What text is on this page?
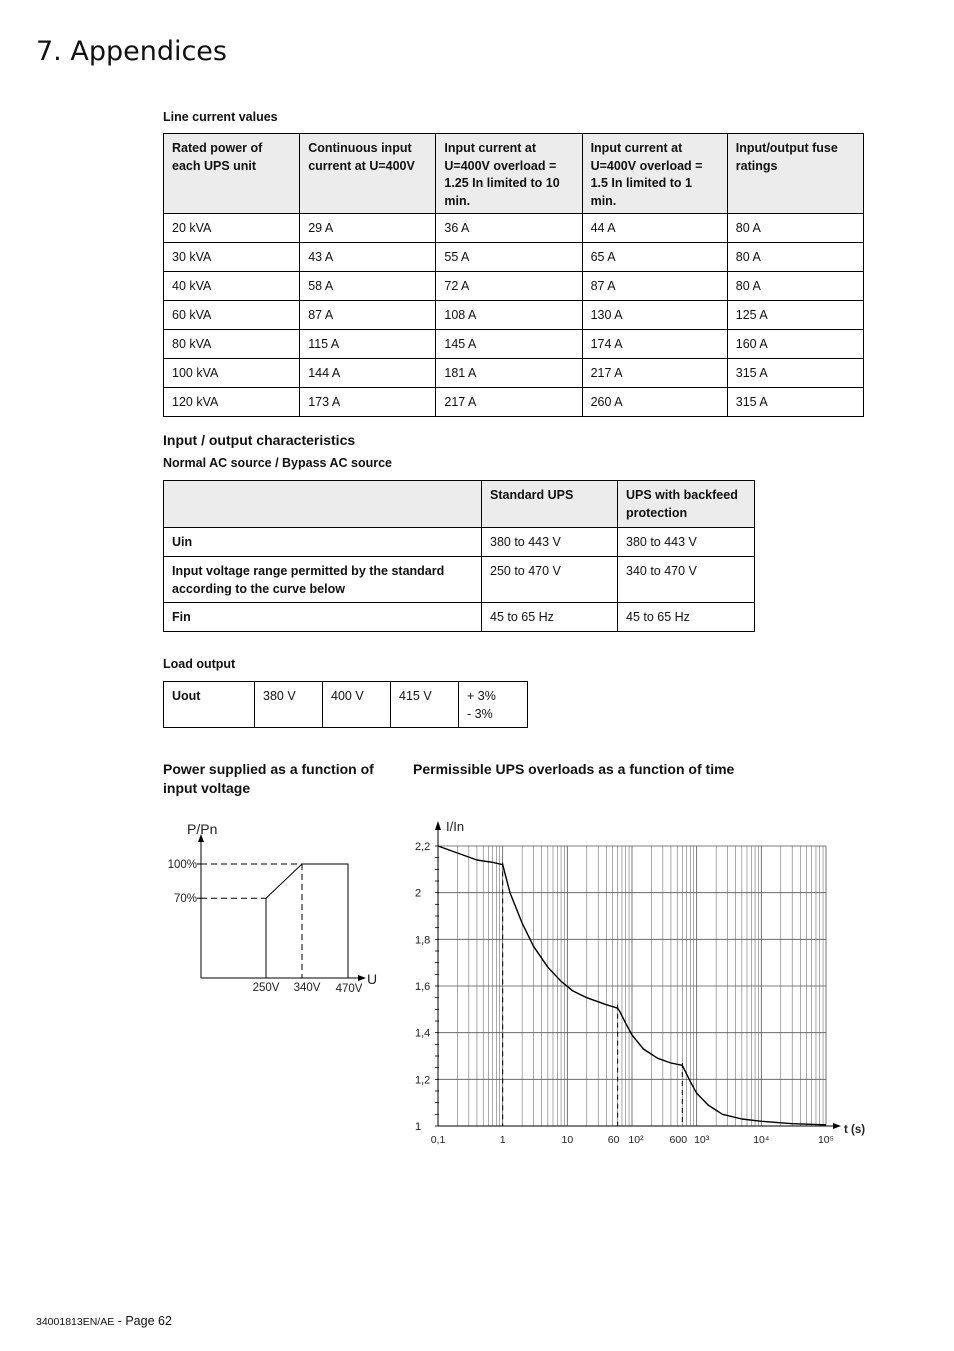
7. Appendices
Line current values
Rated power of each UPS unit	Continuous input current at U=400V	Input current at U=400V overload = 1.25 In limited to 10 min.	Input current at U=400V overload = 1.5 In limited to 1 min.	Input/output fuse ratings
20 kVA	29 A	36 A	44 A	80 A
30 kVA	43 A	55 A	65 A	80 A
40 kVA	58 A	72 A	87 A	80 A
60 kVA	87 A	108 A	130 A	125 A
80 kVA	115 A	145 A	174 A	160 A
100 kVA	144 A	181 A	217 A	315 A
120 kVA	173 A	217 A	260 A	315 A
Input / output characteristics
Normal AC source / Bypass AC source
	Standard UPS	UPS with backfeed protection
Uin	380 to 443 V	380 to 443 V
Input voltage range permitted by the standard according to the curve below	250 to 470 V	340 to 470 V
Fin	45 to 65 Hz	45 to 65 Hz
Load output
Uout	380 V	400 V	415 V	+ 3%
- 3%
Power supplied as a function of input voltage
Permissible UPS overloads as a function of time
P/Pn
U
100%
70%
250V 340V 470V
I/In
t (s)
2,2
2
1,8
1,6
1,4
1,2
1
0,1	1	10	60 10² 600 10³	10⁴	10⁵
34001813EN/AE - Page 62
